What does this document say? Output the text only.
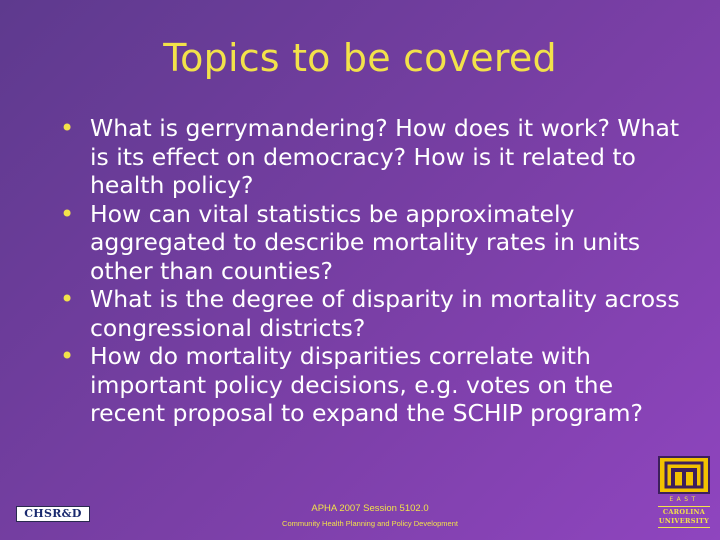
Topics to be covered
• What is gerrymandering? How does it work? What is its effect on democracy? How is it related to health policy?
• How can vital statistics be approximately aggregated to describe mortality rates in units other than counties?
• What is the degree of disparity in mortality across congressional districts?
• How do mortality disparities correlate with important policy decisions, e.g. votes on the recent proposal to expand the SCHIP program?
CHSR&D	APHA 2007 Session 5102.0
Community Health Planning and Policy Development
EAST
CAROLINA
UNIVERSITY
